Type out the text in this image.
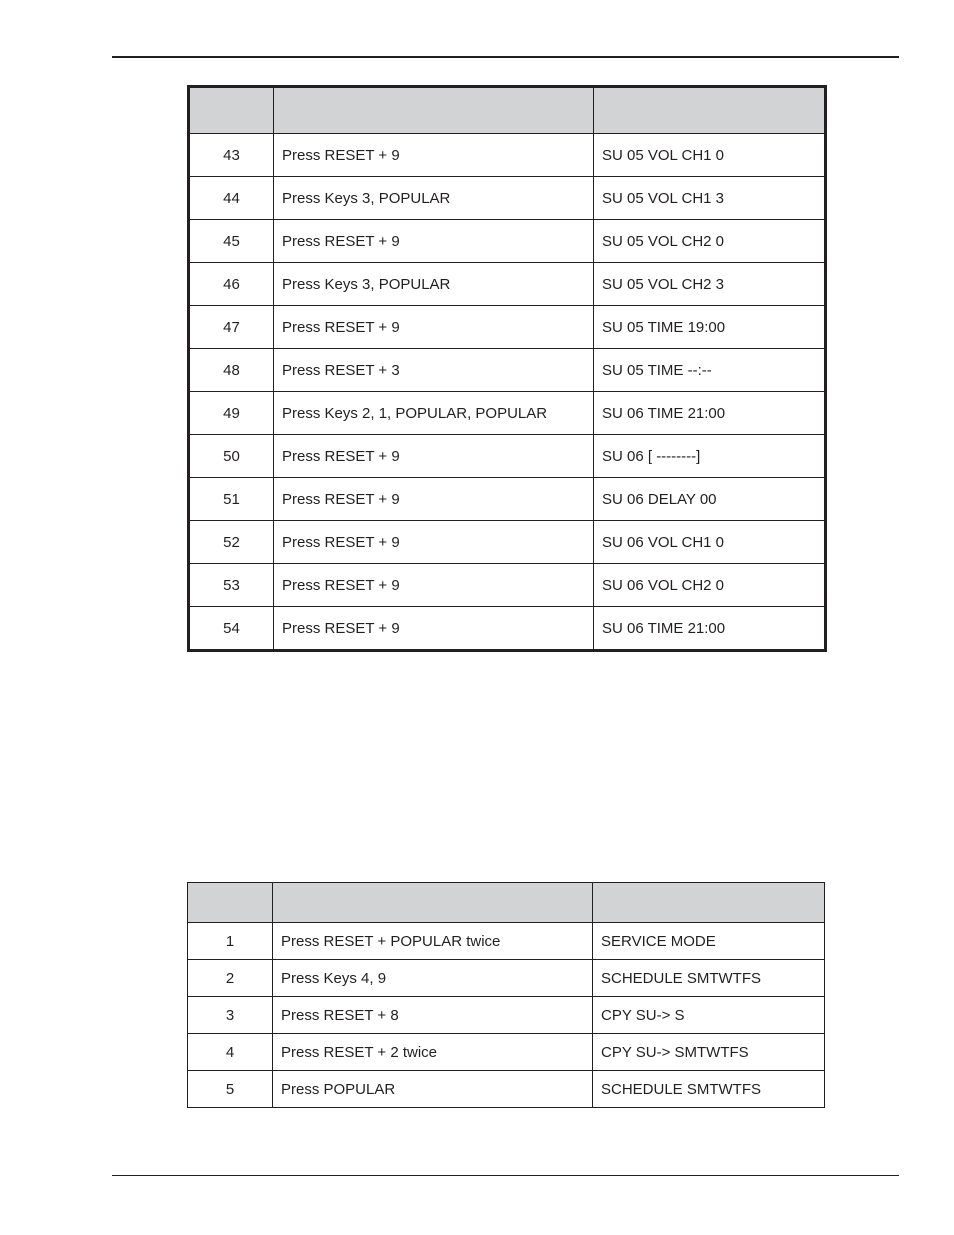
43	Press RESET + 9	SU 05 VOL CH1 0
44	Press Keys 3, POPULAR	SU 05 VOL CH1 3
45	Press RESET + 9	SU 05 VOL CH2 0
46	Press Keys 3, POPULAR	SU 05 VOL CH2 3
47	Press RESET + 9	SU 05 TIME 19:00
48	Press RESET + 3	SU 05 TIME --:--
49	Press Keys 2, 1, POPULAR, POPULAR	SU 06 TIME 21:00
50	Press RESET + 9	SU 06 [ --------]
51	Press RESET + 9	SU 06 DELAY 00
52	Press RESET + 9	SU 06 VOL CH1 0
53	Press RESET + 9	SU 06 VOL CH2 0
54	Press RESET + 9	SU 06 TIME 21:00

1	Press RESET + POPULAR twice	SERVICE MODE
2	Press Keys 4, 9	SCHEDULE SMTWTFS
3	Press RESET + 8	CPY SU-> S
4	Press RESET + 2 twice	CPY SU-> SMTWTFS
5	Press POPULAR	SCHEDULE SMTWTFS
